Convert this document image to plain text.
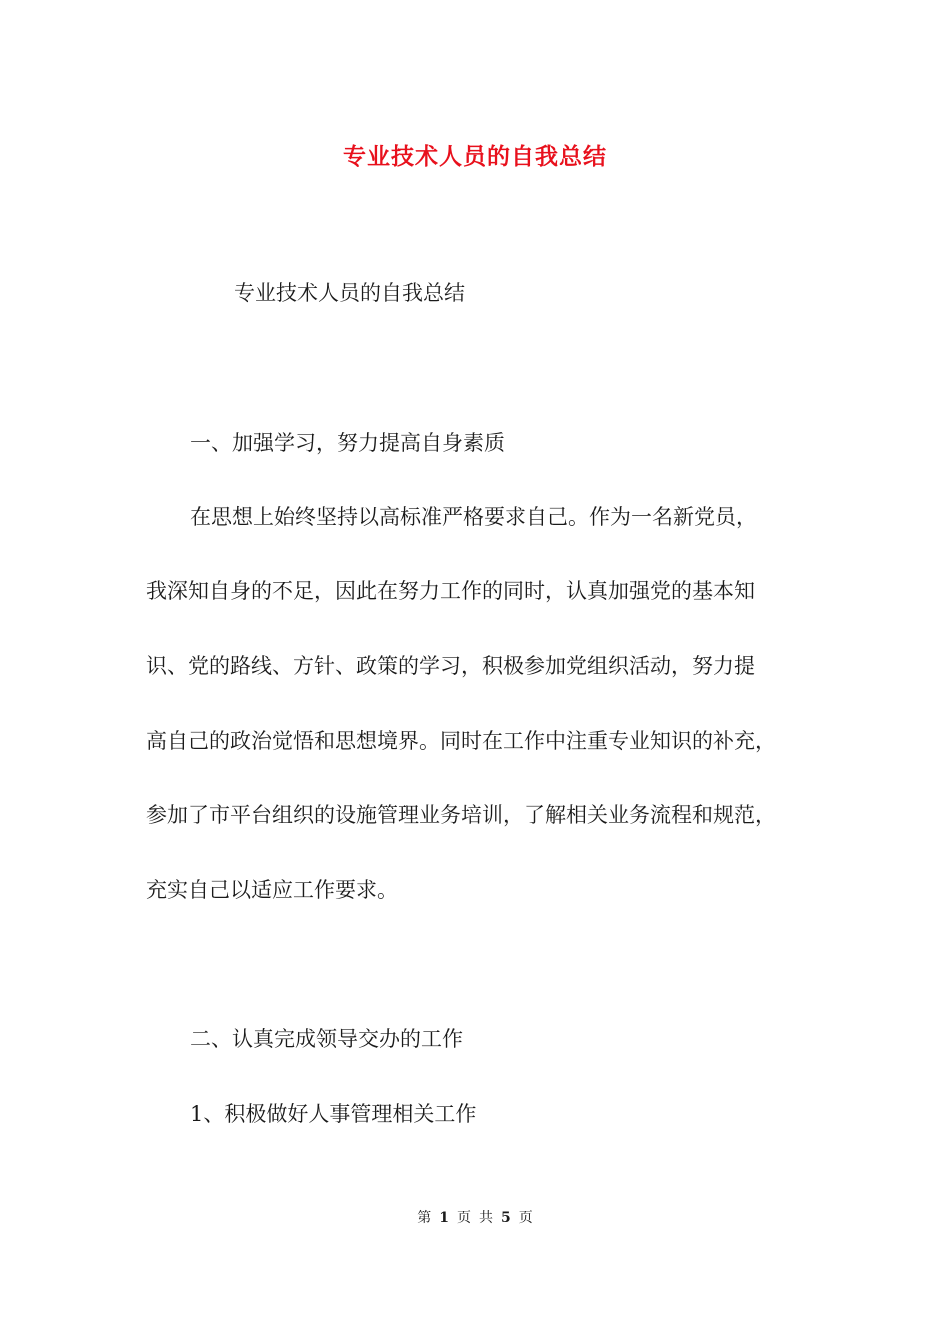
专业技术人员的自我总结
专业技术人员的自我总结
一、加强学习，努力提高自身素质
在思想上始终坚持以高标准严格要求自己。作为一名新党员，
我深知自身的不足，因此在努力工作的同时，认真加强党的基本知
识、党的路线、方针、政策的学习，积极参加党组织活动，努力提
高自己的政治觉悟和思想境界。同时在工作中注重专业知识的补充，
参加了市平台组织的设施管理业务培训，了解相关业务流程和规范，
充实自己以适应工作要求。
二、认真完成领导交办的工作
1、积极做好人事管理相关工作
第 1 页 共 5 页
